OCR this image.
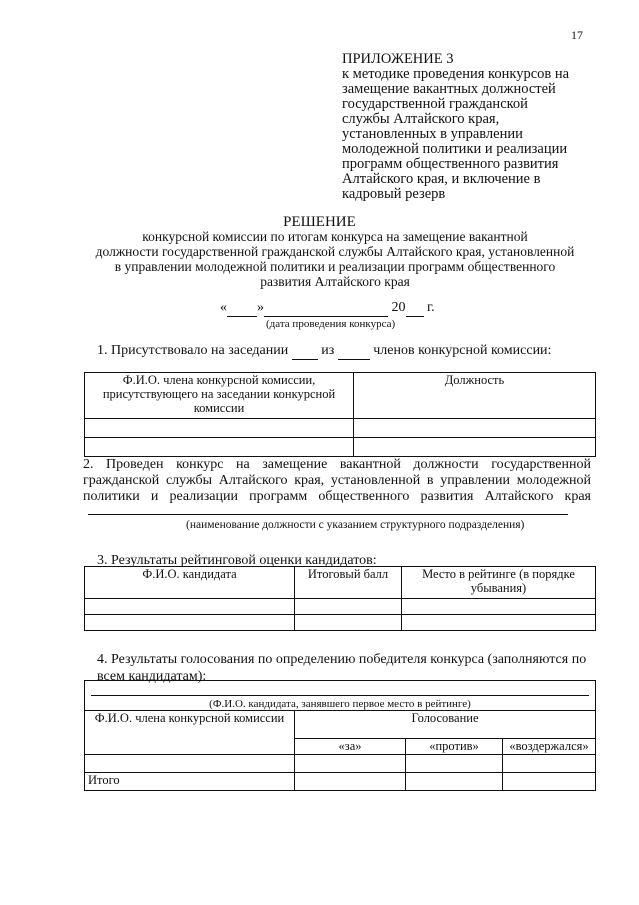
17
ПРИЛОЖЕНИЕ 3
к методике проведения конкурсов на
замещение вакантных должностей
государственной гражданской
службы Алтайского края,
установленных в управлении
молодежной политики и реализации
программ общественного развития
Алтайского края, и включение в
кадровый резерв
РЕШЕНИЕ
конкурсной комиссии по итогам конкурса на замещение вакантной
должности государственной гражданской службы Алтайского края, установленной
в управлении молодежной политики и реализации программ общественного
развития Алтайского края
« »	20 г.
(дата проведения конкурса)
1. Присутствовало на заседании из	членов конкурсной комиссии:
Ф.И.О. члена конкурсной комиссии, присутствующего на заседании конкурсной комиссии	Должность

2. Проведен конкурс на замещение вакантной должности государственной
гражданской службы Алтайского края, установленной в управлении молодежной
политики и реализации программ общественного развития Алтайского края
(наименование должности с указанием структурного подразделения)
3. Результаты рейтинговой оценки кандидатов:
Ф.И.О. кандидата	Итоговый балл	Место в рейтинге (в порядке убывания)

4. Результаты голосования по определению победителя конкурса (заполняются по всем кандидатам):
(Ф.И.О. кандидата, занявшего первое место в рейтинге)			

Ф.И.О. члена конкурсной комиссии	Голосование		
	«за»	«против»	«воздержался»

Итого			
